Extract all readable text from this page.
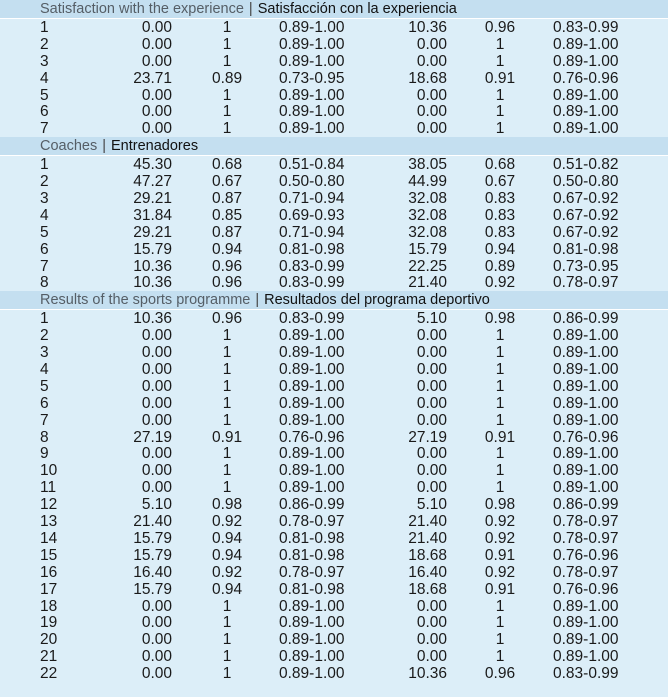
Satisfaction with the experience | Satisfacción con la experiencia
1	0.00	1	0.89-1.00	10.36 0.96 0.83-0.99
2	0.00	1	0.89-1.00	0.00	1	0.89-1.00
3	0.00	1	0.89-1.00	0.00	1	0.89-1.00
4	23.71	0.89 0.73-0.95	18.68 0.91 0.76-0.96
5	0.00	1	0.89-1.00	0.00	1	0.89-1.00
6	0.00	1	0.89-1.00	0.00	1	0.89-1.00
7	0.00	1	0.89-1.00	0.00	1	0.89-1.00
Coaches | Entrenadores
1	45.30	0.68 0.51-0.84	38.05 0.68 0.51-0.82
2	47.27	0.67 0.50-0.80	44.99 0.67 0.50-0.80
3	29.21	0.87 0.71-0.94	32.08 0.83 0.67-0.92
4	31.84	0.85 0.69-0.93	32.08 0.83 0.67-0.92
5	29.21	0.87 0.71-0.94	32.08 0.83 0.67-0.92
6	15.79	0.94 0.81-0.98	15.79 0.94 0.81-0.98
7	10.36	0.96 0.83-0.99	22.25 0.89 0.73-0.95
8	10.36	0.96 0.83-0.99	21.40 0.92 0.78-0.97
Results of the sports programme | Resultados del programa deportivo
1	10.36	0.96 0.83-0.99	5.10 0.98 0.86-0.99
2	0.00	1	0.89-1.00	0.00	1	0.89-1.00
3	0.00	1	0.89-1.00	0.00	1	0.89-1.00
4	0.00	1	0.89-1.00	0.00	1	0.89-1.00
5	0.00	1	0.89-1.00	0.00	1	0.89-1.00
6	0.00	1	0.89-1.00	0.00	1	0.89-1.00
7	0.00	1	0.89-1.00	0.00	1	0.89-1.00
8	27.19	0.91 0.76-0.96	27.19 0.91 0.76-0.96
9	0.00	1	0.89-1.00	0.00	1	0.89-1.00
10	0.00	1	0.89-1.00	0.00	1	0.89-1.00
11	0.00	1	0.89-1.00	0.00	1	0.89-1.00
12	5.10	0.98 0.86-0.99	5.10 0.98 0.86-0.99
13	21.40	0.92 0.78-0.97	21.40 0.92 0.78-0.97
14	15.79	0.94 0.81-0.98	21.40 0.92 0.78-0.97
15	15.79	0.94 0.81-0.98	18.68 0.91 0.76-0.96
16	16.40	0.92 0.78-0.97	16.40 0.92 0.78-0.97
17	15.79	0.94 0.81-0.98	18.68 0.91 0.76-0.96
18	0.00	1	0.89-1.00	0.00	1	0.89-1.00
19	0.00	1	0.89-1.00	0.00	1	0.89-1.00
20	0.00	1	0.89-1.00	0.00	1	0.89-1.00
21	0.00	1	0.89-1.00	0.00	1	0.89-1.00
22	0.00	1	0.89-1.00	10.36 0.96 0.83-0.99
